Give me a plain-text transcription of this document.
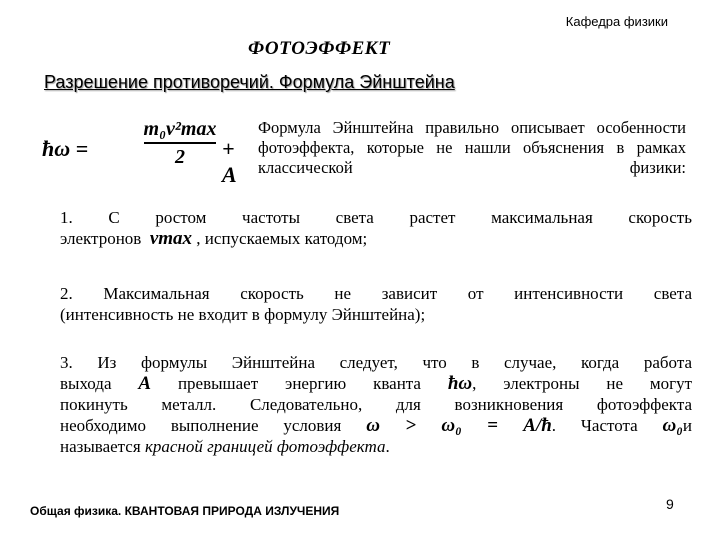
Кафедра физики
ФОТОЭФФЕКТ
Разрешение противоречий. Формула Эйнштейна
ħω =
m₀v²max
2	+ A
Формула Эйнштейна правильно описывает особенности фотоэффекта, которые не нашли объяснения в рамках классической физики:
1. С ростом частоты света растет максимальная скорость
электронов vmax , испускаемых катодом;
2. Максимальная скорость не зависит от интенсивности света
(интенсивность не входит в формулу Эйнштейна);
3. Из формулы Эйнштейна следует, что в случае, когда работа
выхода A превышает энергию кванта ħω, электроны не могут
покинуть металл. Следовательно, для возникновения фотоэффекта
необходимо выполнение условия ω > ω₀ = A/ħ. Частота ω₀и
называется красной границей фотоэффекта.
Общая физика. КВАНТОВАЯ ПРИРОДА ИЗЛУЧЕНИЯ	9
